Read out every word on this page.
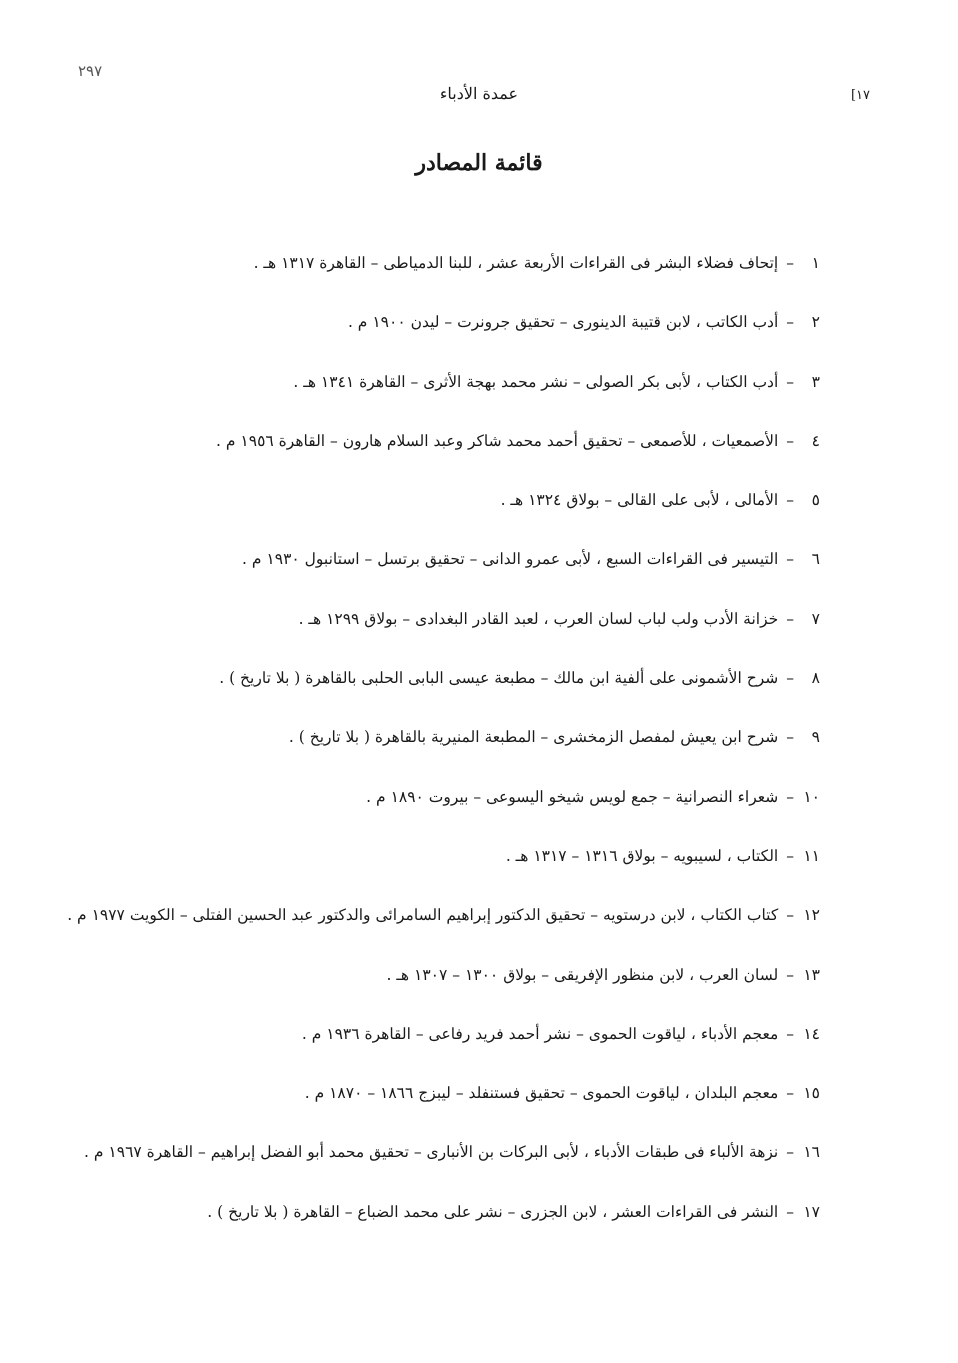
٢٩٧
عمدة الأدباء	[١٧
قائمة المصادر
١–إتحاف فضلاء البشر فى القراءات الأربعة عشر ، للبنا الدمياطى – القاهرة ١٣١٧ هـ .
٢–أدب الكاتب ، لابن قتيبة الدينورى – تحقيق جرونرت – ليدن ١٩٠٠ م .
٣–أدب الكتاب ، لأبى بكر الصولى – نشر محمد بهجة الأثرى – القاهرة ١٣٤١ هـ .
٤–الأصمعيات ، للأصمعى – تحقيق أحمد محمد شاكر وعبد السلام هارون – القاهرة ١٩٥٦ م .
٥–الأمالى ، لأبى على القالى – بولاق ١٣٢٤ هـ .
٦–التيسير فى القراءات السبع ، لأبى عمرو الدانى – تحقيق برتسل – استانبول ١٩٣٠ م .
٧–خزانة الأدب ولب لباب لسان العرب ، لعبد القادر البغدادى – بولاق ١٢٩٩ هـ .
٨–شرح الأشمونى على ألفية ابن مالك – مطبعة عيسى البابى الحلبى بالقاهرة ( بلا تاريخ ) .
٩–شرح ابن يعيش لمفصل الزمخشرى – المطبعة المنيرية بالقاهرة ( بلا تاريخ ) .
١٠–شعراء النصرانية – جمع لويس شيخو اليسوعى – بيروت ١٨٩٠ م .
١١–الكتاب ، لسيبويه – بولاق ١٣١٦ – ١٣١٧ هـ .
١٢–كتاب الكتاب ، لابن درستويه – تحقيق الدكتور إبراهيم السامرائى والدكتور عبد الحسين الفتلى – الكويت ١٩٧٧ م .
١٣–لسان العرب ، لابن منظور الإفريقى – بولاق ١٣٠٠ – ١٣٠٧ هـ .
١٤–معجم الأدباء ، لياقوت الحموى – نشر أحمد فريد رفاعى – القاهرة ١٩٣٦ م .
١٥–معجم البلدان ، لياقوت الحموى – تحقيق فستنفلد – ليبزج ١٨٦٦ – ١٨٧٠ م .
١٦–نزهة الألباء فى طبقات الأدباء ، لأبى البركات بن الأنبارى – تحقيق محمد أبو الفضل إبراهيم – القاهرة ١٩٦٧ م .
١٧–النشر فى القراءات العشر ، لابن الجزرى – نشر على محمد الضباع – القاهرة ( بلا تاريخ ) .
